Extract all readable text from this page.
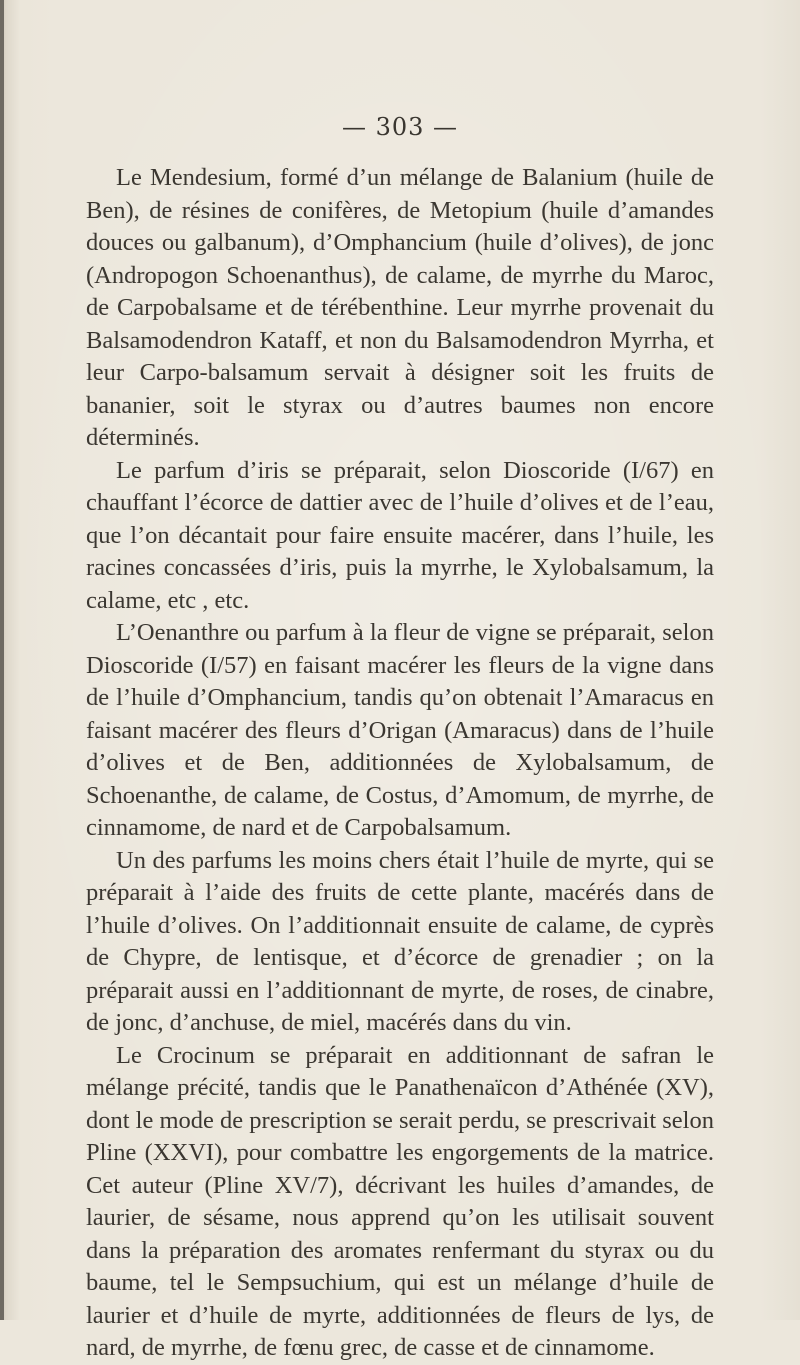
— 303 —

Le Mendesium, formé d’un mélange de Balanium (huile de Ben), de résines de conifères, de Metopium (huile d’amandes douces ou galbanum), d’Omphancium (huile d’olives), de jonc (Andropogon Schoenanthus), de calame, de myrrhe du Maroc, de Carpobalsame et de térébenthine. Leur myrrhe provenait du Balsamodendron Kataff, et non du Balsamodendron Myrrha, et leur Carpo-balsamum servait à désigner soit les fruits de bananier, soit le styrax ou d’autres baumes non encore déterminés.

Le parfum d’iris se préparait, selon Dioscoride (I/67) en chauffant l’écorce de dattier avec de l’huile d’olives et de l’eau, que l’on décantait pour faire ensuite macérer, dans l’huile, les racines concassées d’iris, puis la myrrhe, le Xylobalsamum, la calame, etc , etc.

L’Oenanthre ou parfum à la fleur de vigne se préparait, selon Dioscoride (I/57) en faisant macérer les fleurs de la vigne dans de l’huile d’Omphancium, tandis qu’on obtenait l’Amaracus en faisant macérer des fleurs d’Origan (Amaracus) dans de l’huile d’olives et de Ben, additionnées de Xylobalsamum, de Schoenanthe, de calame, de Costus, d’Amomum, de myrrhe, de cinnamome, de nard et de Carpobalsamum.

Un des parfums les moins chers était l’huile de myrte, qui se préparait à l’aide des fruits de cette plante, macérés dans de l’huile d’olives. On l’additionnait ensuite de calame, de cyprès de Chypre, de lentisque, et d’écorce de grenadier ; on la préparait aussi en l’additionnant de myrte, de roses, de cinabre, de jonc, d’anchuse, de miel, macérés dans du vin.

Le Crocinum se préparait en additionnant de safran le mélange précité, tandis que le Panathenaïcon d’Athénée (XV), dont le mode de prescription se serait perdu, se prescrivait selon Pline (XXVI), pour combattre les engorgements de la matrice. Cet auteur (Pline XV/7), décrivant les huiles d’amandes, de laurier, de sésame, nous apprend qu’on les utilisait souvent dans la préparation des aromates renfermant du styrax ou du baume, tel le Sempsuchium, qui est un mélange d’huile de laurier et d’huile de myrte, additionnées de fleurs de lys, de nard, de myrrhe, de fœnu grec, de casse et de cinnamome.
